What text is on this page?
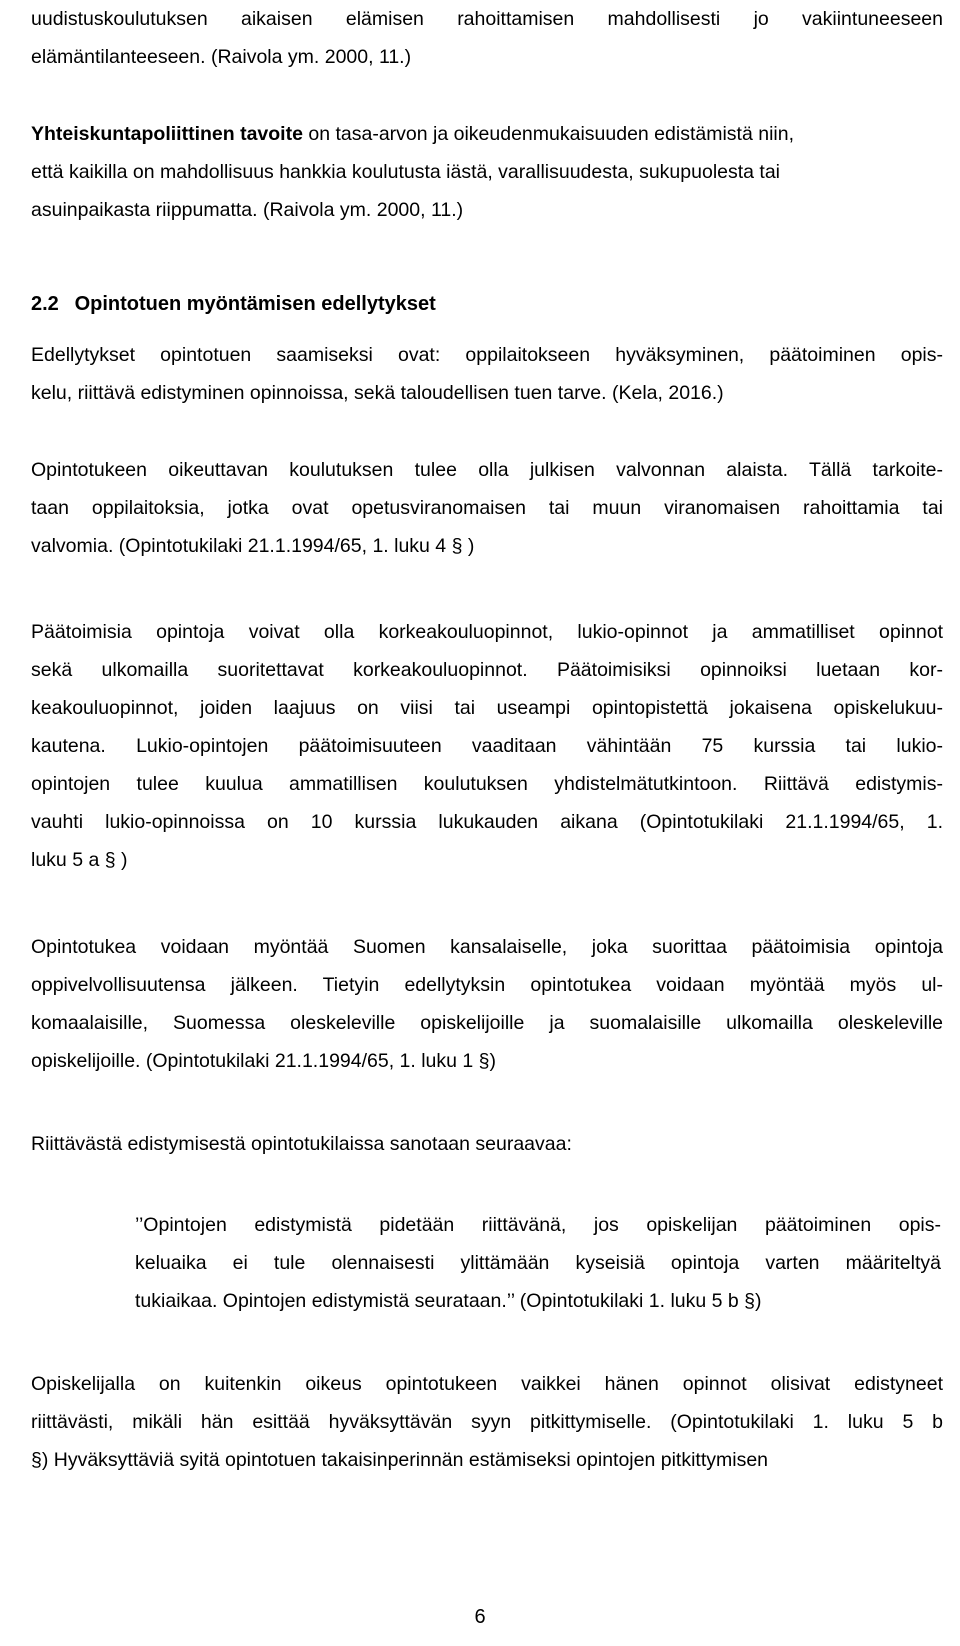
uudistuskoulutuksen aikaisen elämisen rahoittamisen mahdollisesti jo vakiintuneeseen
elämäntilanteeseen. (Raivola ym. 2000, 11.)
Yhteiskuntapoliittinen tavoite on tasa-arvon ja oikeudenmukaisuuden edistämistä niin,
että kaikilla on mahdollisuus hankkia koulutusta iästä, varallisuudesta, sukupuolesta tai
asuinpaikasta riippumatta. (Raivola ym. 2000, 11.)
2.2 Opintotuen myöntämisen edellytykset
Edellytykset opintotuen saamiseksi ovat: oppilaitokseen hyväksyminen, päätoiminen opis-
kelu, riittävä edistyminen opinnoissa, sekä taloudellisen tuen tarve. (Kela, 2016.)
Opintotukeen oikeuttavan koulutuksen tulee olla julkisen valvonnan alaista. Tällä tarkoite-
taan oppilaitoksia, jotka ovat opetusviranomaisen tai muun viranomaisen rahoittamia tai
valvomia. (Opintotukilaki 21.1.1994/65, 1. luku 4 § )
Päätoimisia opintoja voivat olla korkeakouluopinnot, lukio-opinnot ja ammatilliset opinnot
sekä ulkomailla suoritettavat korkeakouluopinnot. Päätoimisiksi opinnoiksi luetaan kor-
keakouluopinnot, joiden laajuus on viisi tai useampi opintopistettä jokaisena opiskelukuu-
kautena. Lukio-opintojen päätoimisuuteen vaaditaan vähintään 75 kurssia tai lukio-
opintojen tulee kuulua ammatillisen koulutuksen yhdistelmätutkintoon. Riittävä edistymis-
vauhti lukio-opinnoissa on 10 kurssia lukukauden aikana (Opintotukilaki 21.1.1994/65, 1.
luku 5 a § )
Opintotukea voidaan myöntää Suomen kansalaiselle, joka suorittaa päätoimisia opintoja
oppivelvollisuutensa jälkeen. Tietyin edellytyksin opintotukea voidaan myöntää myös ul-
komaalaisille, Suomessa oleskeleville opiskelijoille ja suomalaisille ulkomailla oleskeleville
opiskelijoille. (Opintotukilaki 21.1.1994/65, 1. luku 1 §)
Riittävästä edistymisestä opintotukilaissa sanotaan seuraavaa:
’’Opintojen edistymistä pidetään riittävänä, jos opiskelijan päätoiminen opis-
keluaika ei tule olennaisesti ylittämään kyseisiä opintoja varten määriteltyä
tukiaikaa. Opintojen edistymistä seurataan.’’ (Opintotukilaki 1. luku 5 b §)
Opiskelijalla on kuitenkin oikeus opintotukeen vaikkei hänen opinnot olisivat edistyneet
riittävästi, mikäli hän esittää hyväksyttävän syyn pitkittymiselle. (Opintotukilaki 1. luku 5 b
§) Hyväksyttäviä syitä opintotuen takaisinperinnän estämiseksi opintojen pitkittymisen
6
